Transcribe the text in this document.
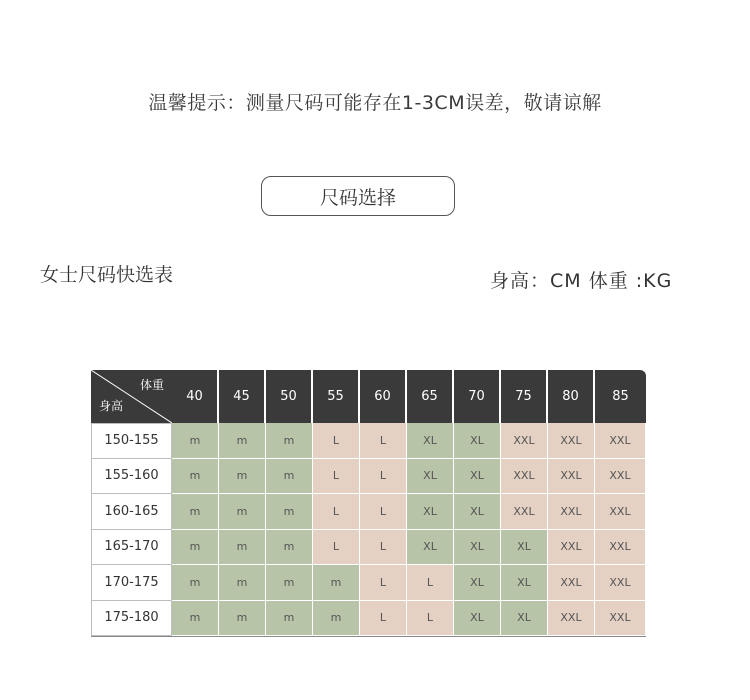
温馨提示：测量尺码可能存在1-3CM误差，敬请谅解
尺码选择
女士尺码快选表	身高：CM 体重 :KG
体重
身高
40	45	50	55	60	65	70	75	80	85
150-155	m	m	m	L	L	XL	XL	XXL	XXL	XXL
155-160	m	m	m	L	L	XL	XL	XXL	XXL	XXL
160-165	m	m	m	L	L	XL	XL	XXL	XXL	XXL
165-170	m	m	m	L	L	XL	XL	XL	XXL	XXL
170-175	m	m	m	m	L	L	XL	XL	XXL	XXL
175-180	m	m	m	m	L	L	XL	XL	XXL	XXL
